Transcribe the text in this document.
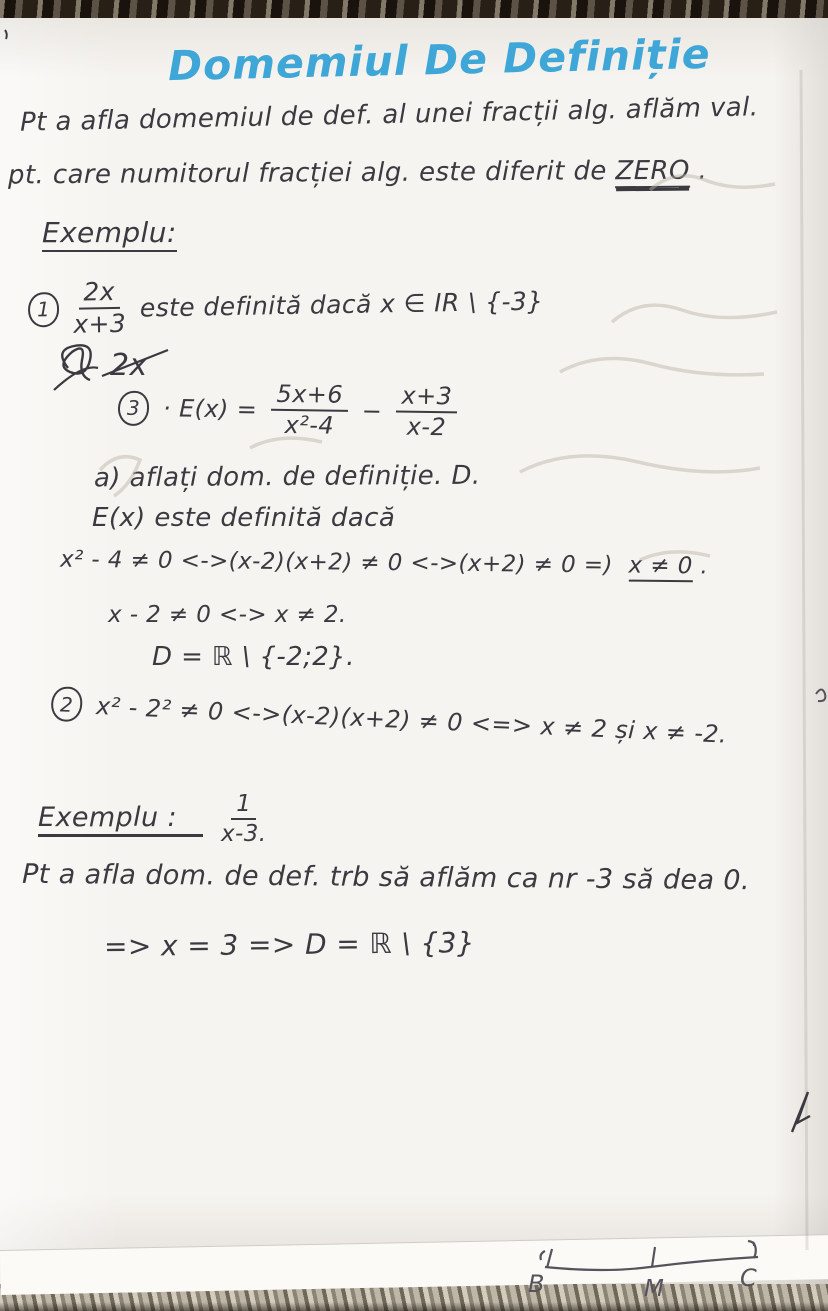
Domemiul De Definiție
Pt a afla domemiul de def. al unei fracții alg. aflăm val.
pt. care numitorul fracției alg. este diferit de ZERO .
Exemplu:
$1 \frac{2x}{x+3}$ este definită dacă x ∈ IR \ {-3}
2x
$3 \cdot E(x) = \frac{5x+6}{\text{x²-4}} - \frac{x+3}{x-2}$
a) aflați dom. de definiție. D.
E(x) este definită dacă
x² - 4 ≠ 0 <->(x-2)(x+2) ≠ 0 <->(x+2) ≠ 0 =) x ≠ 0 .
x - 2 ≠ 0 <-> x ≠ 2.
D = ℝ \ {-2;2}.
2 x² - 2² ≠ 0 <->(x-2)(x+2) ≠ 0 <=> x ≠ 2 și x ≠ -2.
Exemplu :	$\frac{1}{x-3.}$
Pt a afla dom. de def. trb să aflăm ca nr -3 să dea 0.
=> x = 3 => D = ℝ \ {3}
B	M	C
